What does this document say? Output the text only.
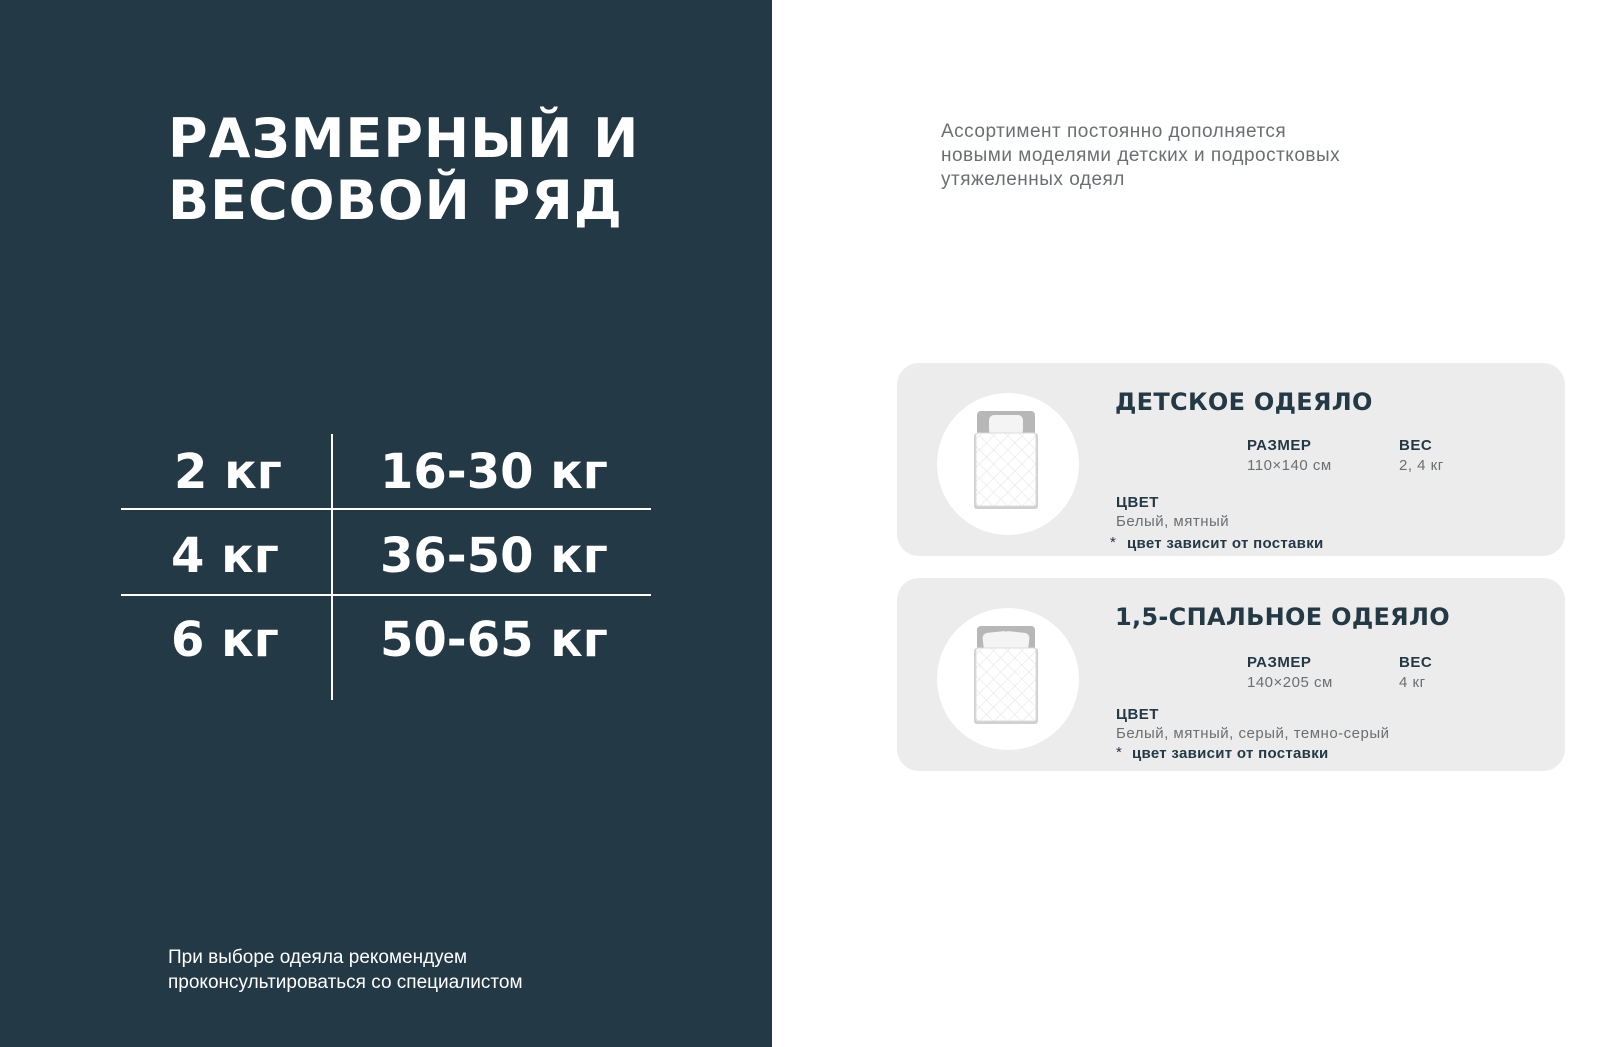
РАЗМЕРНЫЙ И
ВЕСОВОЙ РЯД
2 кг 16-30 кг
4 кг 36-50 кг
6 кг 50-65 кг

При выборе одеяла рекомендуем
проконсультироваться со специалистом

Ассортимент постоянно дополняется
новыми моделями детских и подростковых
утяжеленных одеял

ДЕТСКОЕ ОДЕЯЛО
РАЗМЕР
110×140 см
ВЕС
2, 4 кг
ЦВЕТ
Белый, мятный
* цвет зависит от поставки
1,5-СПАЛЬНОЕ ОДЕЯЛО
РАЗМЕР
140×205 см
ВЕС
4 кг
ЦВЕТ
Белый, мятный, серый, темно-серый
* цвет зависит от поставки
